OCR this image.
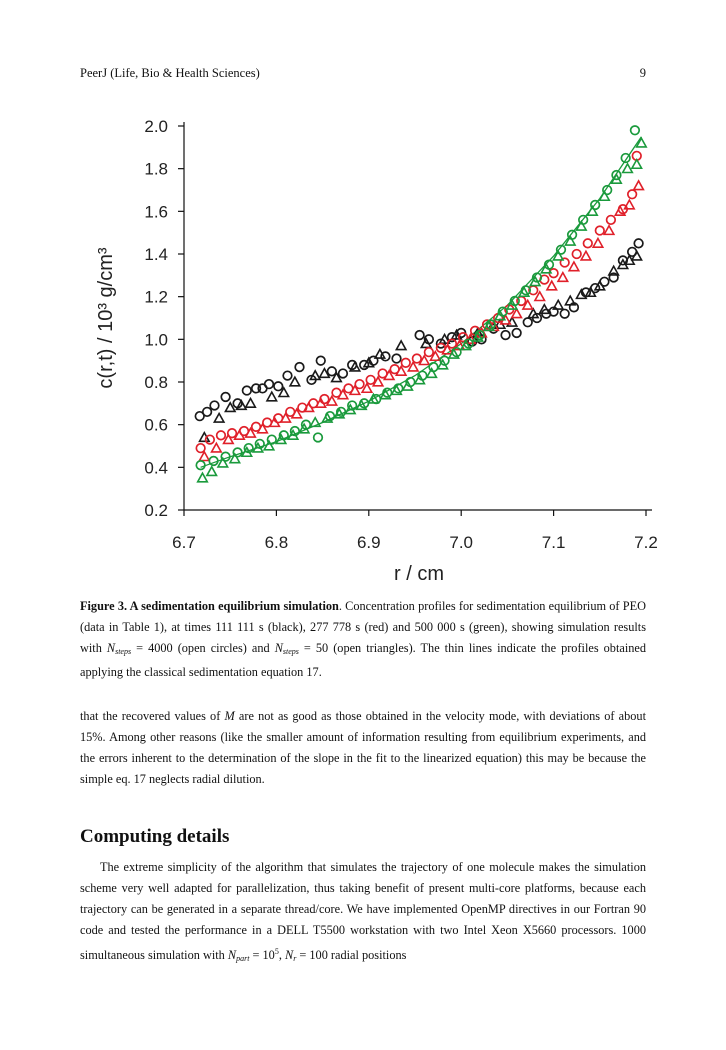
PeerJ (Life, Bio & Health Sciences)	9
0.2
0.4
0.6
0.8
1.0
1.2
1.4
1.6
1.8
2.0
6.7	6.8	6.9	7.0	7.1	7.2
r / cm
c(r,t) / 10³ g/cm³
Figure 3. A sedimentation equilibrium simulation. Concentration profiles for sedimentation equilibrium of PEO (data in Table 1), at times 111 111 s (black), 277 778 s (red) and 500 000 s (green), showing simulation results with $N_{steps} = 4000$ (open circles) and $N_{steps} = 50$ (open triangles). The thin lines indicate the profiles obtained applying the classical sedimentation equation 17.

that the recovered values of M are not as good as those obtained in the velocity mode, with deviations of about 15%. Among other reasons (like the smaller amount of information resulting from equilibrium experiments, and the errors inherent to the determination of the slope in the fit to the linearized equation) this may be because the simple eq. 17 neglects radial dilution.

Computing details

The extreme simplicity of the algorithm that simulates the trajectory of one molecule makes the simulation scheme very well adapted for parallelization, thus taking benefit of present multi-core platforms, because each trajectory can be generated in a separate thread/core. We have implemented OpenMP directives in our Fortran 90 code and tested the performance in a DELL T5500 workstation with two Intel Xeon X5660 processors. 1000 simultaneous simulation with $N_{part} = 10^5$, $N_r = 100$ radial positions
